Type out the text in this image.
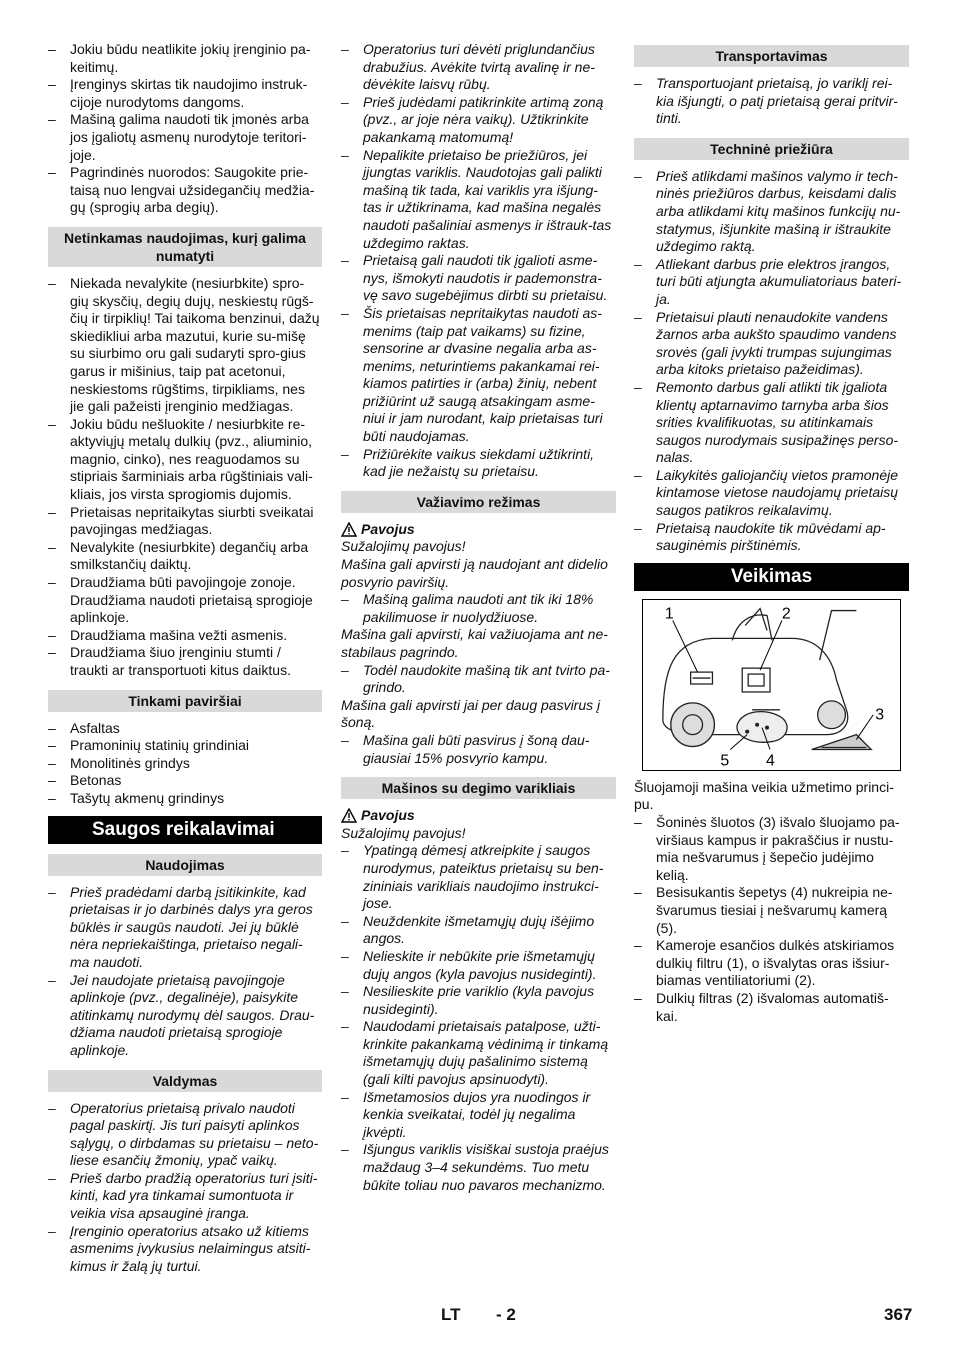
– Jokiu būdu neatlikite jokių įrenginio pa-keitimų.
– Įrenginys skirtas tik naudojimo instruk-cijoje nurodytoms dangoms.
– Mašiną galima naudoti tik įmonės arba jos įgaliotų asmenų nurodytoje teritori-joje.
– Pagrindinės nuorodos: Saugokite prie-taisą nuo lengvai užsidegančių medžia-gų (sprogių arba degių).
Netinkamas naudojimas, kurį galima numatyti
– Niekada nevalykite (nesiurbkite) spro-gių skysčių, degių dujų, neskiestų rūgš-čių ir tirpiklių! Tai taikoma benzinui, dažų skiedikliui arba mazutui, kurie su-mišę su siurbimo oru gali sudaryti spro-gius garus ir mišinius, taip pat acetonui, neskiestoms rūgštims, tirpikliams, nes jie gali pažeisti įrenginio medžiagas.
– Jokiu būdu nešluokite / nesiurbkite re-aktyviųjų metalų dulkių (pvz., aliuminio, magnio, cinko), nes reaguodamos su stipriais šarminiais arba rūgštiniais vali-kliais, jos virsta sprogiomis dujomis.
– Prietaisas nepritaikytas siurbti sveikatai pavojingas medžiagas.
– Nevalykite (nesiurbkite) degančių arba smilkstančių daiktų.
– Draudžiama būti pavojingoje zonoje. Draudžiama naudoti prietaisą sprogioje aplinkoje.
– Draudžiama mašina vežti asmenis.
– Draudžiama šiuo įrenginiu stumti / traukti ar transportuoti kitus daiktus.
Tinkami paviršiai
– Asfaltas
– Pramoninių statinių grindiniai
– Monolitinės grindys
– Betonas
– Tašytų akmenų grindinys
Saugos reikalavimai
Naudojimas
– Prieš pradėdami darbą įsitikinkite, kad prietaisas ir jo darbinės dalys yra geros būklės ir saugūs naudoti. Jei jų būklė nėra nepriekaištinga, prietaiso negali-ma naudoti.
– Jei naudojate prietaisą pavojingoje aplinkoje (pvz., degalinėje), paisykite atitinkamų nurodymų dėl saugos. Drau-džiama naudoti prietaisą sprogioje aplinkoje.
Valdymas
– Operatorius prietaisą privalo naudoti pagal paskirtį. Jis turi paisyti aplinkos sąlygų, o dirbdamas su prietaisu – neto-liese esančių žmonių, ypač vaikų.
– Prieš darbo pradžią operatorius turi įsiti-kinti, kad yra tinkamai sumontuota ir veikia visa apsauginė įranga.
– Įrenginio operatorius atsako už kitiems asmenims įvykusius nelaimingus atsiti-kimus ir žalą jų turtui.
– Operatorius turi dėvėti priglundančius drabužius. Avėkite tvirtą avalinę ir ne-dėvėkite laisvų rūbų.
– Prieš judėdami patikrinkite artimą zoną (pvz., ar joje nėra vaikų). Užtikrinkite pakankamą matomumą!
– Nepalikite prietaiso be priežiūros, jei įjungtas variklis. Naudotojas gali palikti mašiną tik tada, kai variklis yra išjung-tas ir užtikrinama, kad mašina negalės naudoti pašaliniai asmenys ir ištrauk-tas uždegimo raktas.
– Prietaisą gali naudoti tik įgalioti asme-nys, išmokyti naudotis ir pademonstra-vę savo sugebėjimus dirbti su prietaisu.
– Šis prietaisas nepritaikytas naudoti as-menims (taip pat vaikams) su fizine, sensorine ar dvasine negalia arba as-menims, neturintiems pakankamai rei-kiamos patirties ir (arba) žinių, nebent prižiūrint už saugą atsakingam asme-niui ir jam nurodant, kaip prietaisas turi būti naudojamas.
– Prižiūrėkite vaikus siekdami užtikrinti, kad jie nežaistų su prietaisu.
Važiavimo režimas
Pavojus

Sužalojimų pavojus!

Mašina gali apvirsti ją naudojant ant didelio posvyrio paviršių.

– Mašiną galima naudoti ant tik iki 18% pakilimuose ir nuolydžiuose.

Mašina gali apvirsti, kai važiuojama ant ne-stabilaus pagrindo.

– Todėl naudokite mašiną tik ant tvirto pa-grindo.

Mašina gali apvirsti jai per daug pasvirus į šoną.

– Mašina gali būti pasvirus į šoną dau-giausiai 15% posvyrio kampu.
Mašinos su degimo varikliais
Pavojus

Sužalojimų pavojus!

– Ypatingą dėmesį atkreipkite į saugos nurodymus, pateiktus prietaisų su ben-zininiais varikliais naudojimo instrukci-jose.
– Neuždenkite išmetamųjų dujų išėjimo angos.
– Nelieskite ir nebūkite prie išmetamųjų dujų angos (kyla pavojus nusideginti).
– Nesilieskite prie variklio (kyla pavojus nusideginti).
– Naudodami prietaisais patalpose, užti-krinkite pakankamą vėdinimą ir tinkamą išmetamųjų dujų pašalinimo sistemą (gali kilti pavojus apsinuodyti).
– Išmetamosios dujos yra nuodingos ir kenkia sveikatai, todėl jų negalima įkvėpti.
– Išjungus variklis visiškai sustoja praėjus maždaug 3–4 sekundėms. Tuo metu būkite toliau nuo pavaros mechanizmo.
Transportavimas
– Transportuojant prietaisą, jo variklį rei-kia išjungti, o patį prietaisą gerai pritvir-tinti.
Techninė priežiūra
– Prieš atlikdami mašinos valymo ir tech-ninės priežiūros darbus, keisdami dalis arba atlikdami kitų mašinos funkcijų nu-statymus, išjunkite mašiną ir ištraukite uždegimo raktą.
– Atliekant darbus prie elektros įrangos, turi būti atjungta akumuliatoriaus bateri-ja.
– Prietaisui plauti nenaudokite vandens žarnos arba aukšto spaudimo vandens srovės (gali įvykti trumpas sujungimas arba kitoks prietaiso pažeidimas).
– Remonto darbus gali atlikti tik įgaliota klientų aptarnavimo tarnyba arba šios srities kvalifikuotas, su atitinkamais saugos nurodymais susipažinęs perso-nalas.
– Laikykitės galiojančių vietos pramonėje kintamose vietose naudojamų prietaisų saugos patikros reikalavimų.
– Prietaisą naudokite tik mūvėdami ap-sauginėmis pirštinėmis.
Veikimas
1	2
3
4
5

Šluojamoji mašina veikia užmetimo princi-pu.

– Šoninės šluotos (3) išvalo šluojamo pa-viršiaus kampus ir pakraščius ir nustu-mia nešvarumus į šepečio judėjimo kelią.
– Besisukantis šepetys (4) nukreipia ne-švarumus tiesiai į nešvarumų kamerą (5).
– Kameroje esančios dulkės atskiriamos dulkių filtru (1), o išvalytas oras išsiur-biamas ventiliatoriumi (2).
– Dulkių filtras (2) išvalomas automatiš-kai.
LT - 2	367
